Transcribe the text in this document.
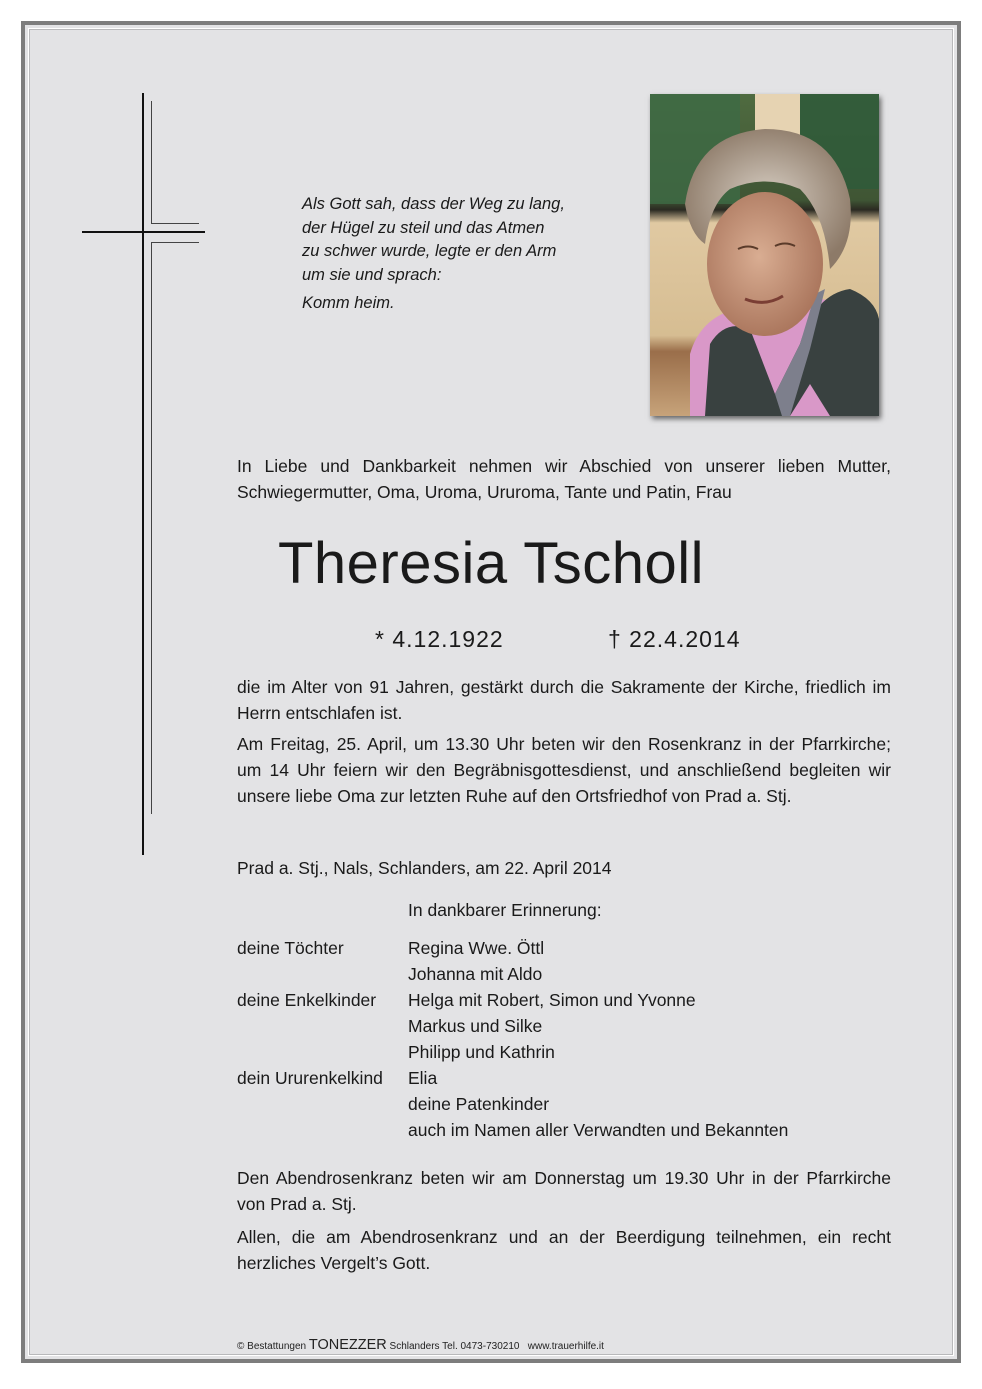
Als Gott sah, dass der Weg zu lang,
der Hügel zu steil und das Atmen
zu schwer wurde, legte er den Arm
um sie und sprach:
Komm heim.
In Liebe und Dankbarkeit nehmen wir Abschied von unserer lieben Mutter, Schwiegermutter, Oma, Uroma, Ururoma, Tante und Patin, Frau
Theresia Tscholl
* 4.12.1922	† 22.4.2014
die im Alter von 91 Jahren, gestärkt durch die Sakramente der Kirche, friedlich im Herrn entschlafen ist.
Am Freitag, 25. April, um 13.30 Uhr beten wir den Rosenkranz in der Pfarrkirche; um 14 Uhr feiern wir den Begräbnisgottesdienst, und anschließend begleiten wir unsere liebe Oma zur letzten Ruhe auf den Ortsfriedhof von Prad a. Stj.
Prad a. Stj., Nals, Schlanders, am 22. April 2014
In dankbarer Erinnerung:
deine Töchter	Regina Wwe. Öttl
Johanna mit Aldo
deine Enkelkinder	Helga mit Robert, Simon und Yvonne
Markus und Silke
Philipp und Kathrin
dein Ururenkelkind	Elia
deine Patenkinder
auch im Namen aller Verwandten und Bekannten
Den Abendrosenkranz beten wir am Donnerstag um 19.30 Uhr in der Pfarrkirche von Prad a. Stj.
Allen, die am Abendrosenkranz und an der Beerdigung teilnehmen, ein recht herzliches Vergelt’s Gott.
© Bestattungen TONEZZER Schlanders Tel. 0473-730210 www.trauerhilfe.it
